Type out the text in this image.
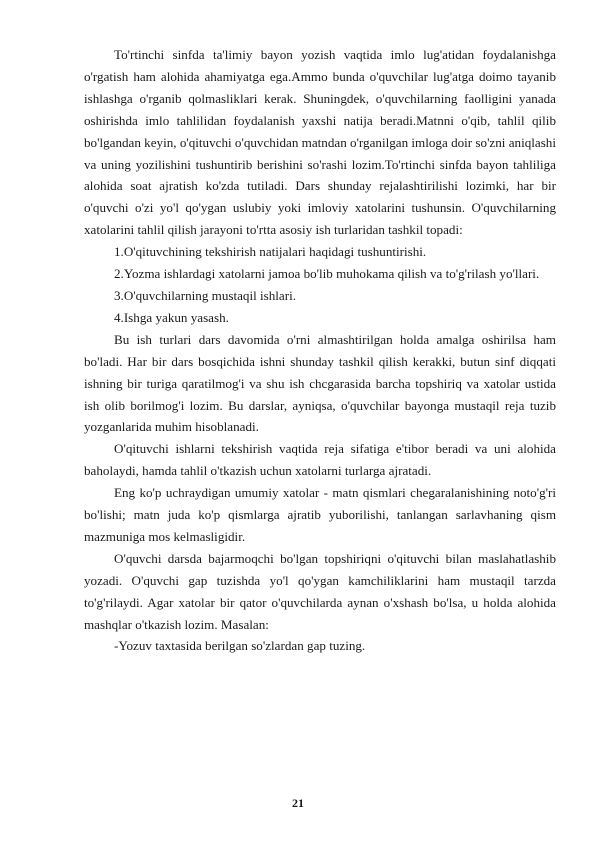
To'rtinchi sinfda ta'limiy bayon yozish vaqtida imlo lug'atidan foydalanishga o'rgatish ham alohida ahamiyatga ega.Ammo bunda o'quvchilar lug'atga doimo tayanib ishlashga o'rganib qolmasliklari kerak. Shuningdek, o'quvchilarning faolligini yanada oshirishda imlo tahlilidan foydalanish yaxshi natija beradi.Matnni o'qib, tahlil qilib bo'lgandan keyin, o'qituvchi o'quvchidan matndan o'rganilgan imloga doir so'zni aniqlashi va uning yozilishini tushuntirib berishini so'rashi lozim.To'rtinchi sinfda bayon tahliliga alohida soat ajratish ko'zda tutiladi. Dars shunday rejalashtirilishi lozimki, har bir o'quvchi o'zi yo'l qo'ygan uslubiy yoki imloviy xatolarini tushunsin. O'quvchilarning xatolarini tahlil qilish jarayoni to'rtta asosiy ish turlaridan tashkil topadi:

1.O'qituvchining tekshirish natijalari haqidagi tushuntirishi.

2.Yozma ishlardagi xatolarni jamoa bo'lib muhokama qilish va to'g'rilash yo'llari.

3.O'quvchilarning mustaqil ishlari.

4.Ishga yakun yasash.

Bu ish turlari dars davomida o'rni almashtirilgan holda amalga oshirilsa ham bo'ladi. Har bir dars bosqichida ishni shunday tashkil qilish kerakki, butun sinf diqqati ishning bir turiga qaratilmog'i va shu ish chcgarasida barcha topshiriq va xatolar ustida ish olib borilmog'i lozim. Bu darslar, ayniqsa, o'quvchilar bayonga mustaqil reja tuzib yozganlarida muhim hisoblanadi.

O'qituvchi ishlarni tekshirish vaqtida reja sifatiga e'tibor beradi va uni alohida baholaydi, hamda tahlil o'tkazish uchun xatolarni turlarga ajratadi.

Eng ko'p uchraydigan umumiy xatolar - matn qismlari chegaralanishining noto'g'ri bo'lishi; matn juda ko'p qismlarga ajratib yuborilishi, tanlangan sarlavhaning qism mazmuniga mos kelmasligidir.

O'quvchi darsda bajarmoqchi bo'lgan topshiriqni o'qituvchi bilan maslahatlashib yozadi. O'quvchi gap tuzishda yo'l qo'ygan kamchiliklarini ham mustaqil tarzda to'g'rilaydi. Agar xatolar bir qator o'quvchilarda aynan o'xshash bo'lsa, u holda alohida mashqlar o'tkazish lozim. Masalan:

-Yozuv taxtasida berilgan so'zlardan gap tuzing.

21
